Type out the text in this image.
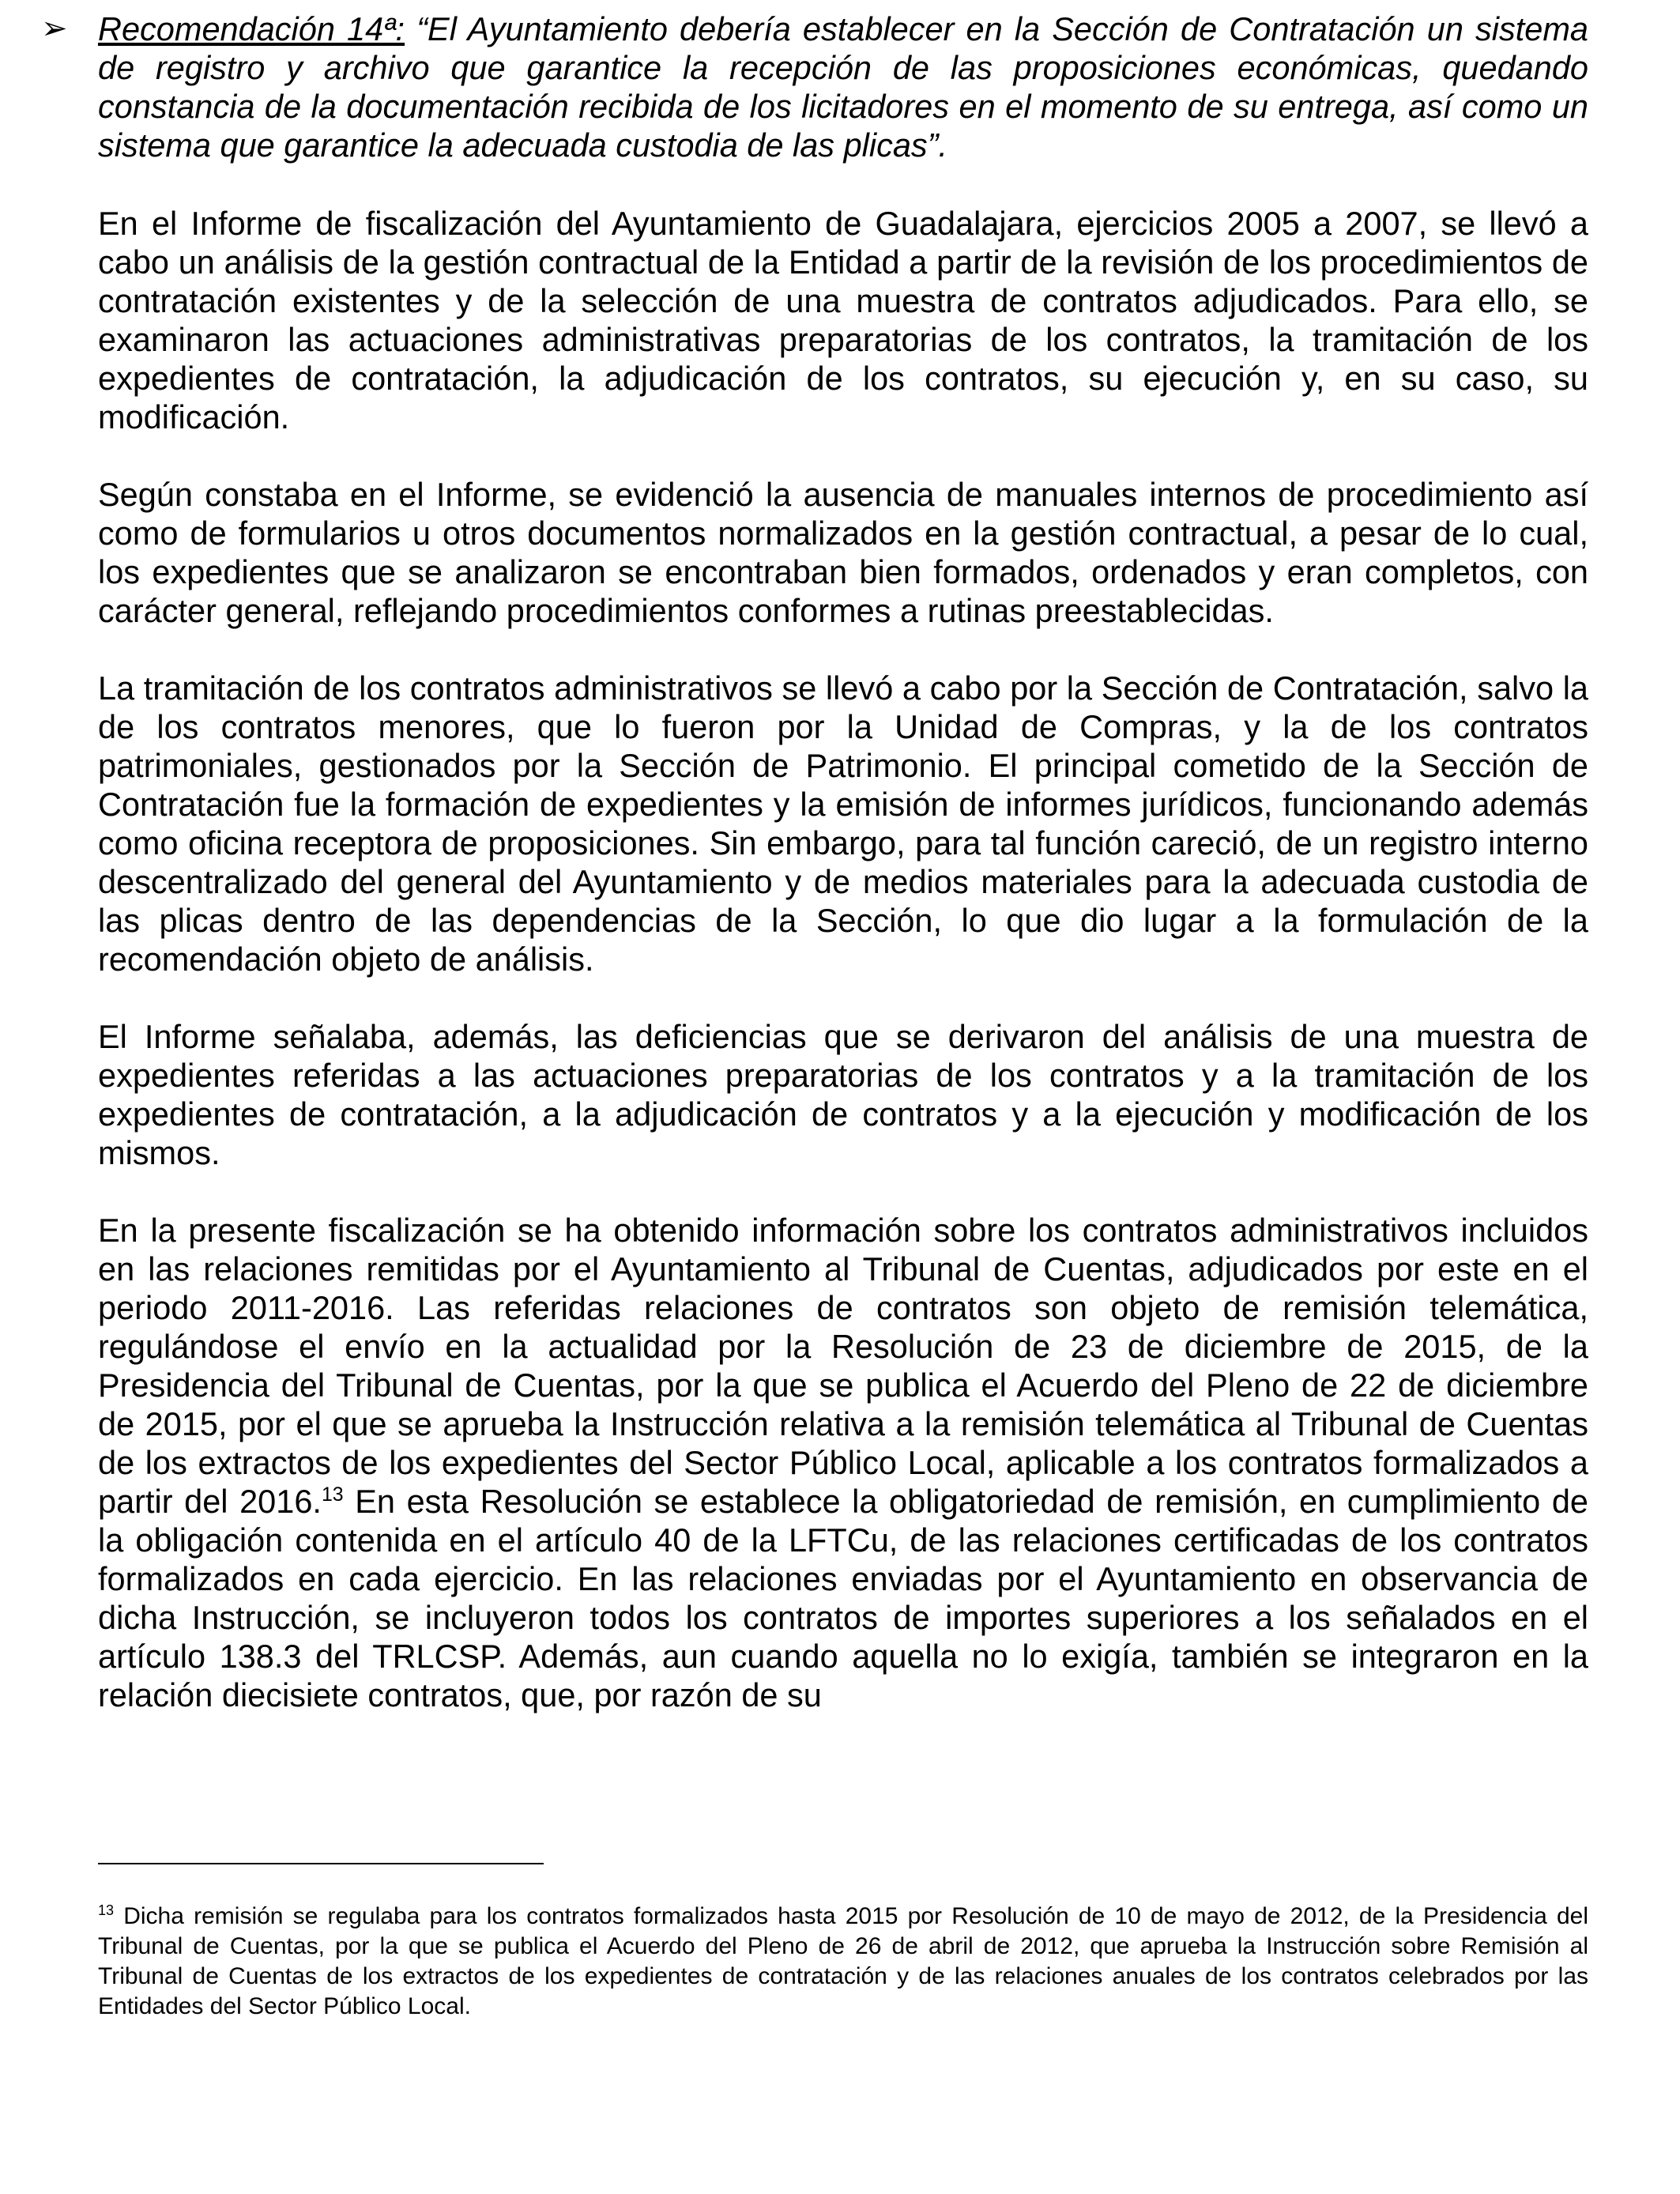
➢ Recomendación 14ª: “El Ayuntamiento debería establecer en la Sección de Contratación un sistema de registro y archivo que garantice la recepción de las proposiciones económicas, quedando constancia de la documentación recibida de los licitadores en el momento de su entrega, así como un sistema que garantice la adecuada custodia de las plicas”.

En el Informe de fiscalización del Ayuntamiento de Guadalajara, ejercicios 2005 a 2007, se llevó a cabo un análisis de la gestión contractual de la Entidad a partir de la revisión de los procedimientos de contratación existentes y de la selección de una muestra de contratos adjudicados. Para ello, se examinaron las actuaciones administrativas preparatorias de los contratos, la tramitación de los expedientes de contratación, la adjudicación de los contratos, su ejecución y, en su caso, su modificación.

Según constaba en el Informe, se evidenció la ausencia de manuales internos de procedimiento así como de formularios u otros documentos normalizados en la gestión contractual, a pesar de lo cual, los expedientes que se analizaron se encontraban bien formados, ordenados y eran completos, con carácter general, reflejando procedimientos conformes a rutinas preestablecidas.

La tramitación de los contratos administrativos se llevó a cabo por la Sección de Contratación, salvo la de los contratos menores, que lo fueron por la Unidad de Compras, y la de los contratos patrimoniales, gestionados por la Sección de Patrimonio. El principal cometido de la Sección de Contratación fue la formación de expedientes y la emisión de informes jurídicos, funcionando además como oficina receptora de proposiciones. Sin embargo, para tal función careció, de un registro interno descentralizado del general del Ayuntamiento y de medios materiales para la adecuada custodia de las plicas dentro de las dependencias de la Sección, lo que dio lugar a la formulación de la recomendación objeto de análisis.

El Informe señalaba, además, las deficiencias que se derivaron del análisis de una muestra de expedientes referidas a las actuaciones preparatorias de los contratos y a la tramitación de los expedientes de contratación, a la adjudicación de contratos y a la ejecución y modificación de los mismos.

En la presente fiscalización se ha obtenido información sobre los contratos administrativos incluidos en las relaciones remitidas por el Ayuntamiento al Tribunal de Cuentas, adjudicados por este en el periodo 2011-2016. Las referidas relaciones de contratos son objeto de remisión telemática, regulándose el envío en la actualidad por la Resolución de 23 de diciembre de 2015, de la Presidencia del Tribunal de Cuentas, por la que se publica el Acuerdo del Pleno de 22 de diciembre de 2015, por el que se aprueba la Instrucción relativa a la remisión telemática al Tribunal de Cuentas de los extractos de los expedientes del Sector Público Local, aplicable a los contratos formalizados a partir del 2016.13 En esta Resolución se establece la obligatoriedad de remisión, en cumplimiento de la obligación contenida en el artículo 40 de la LFTCu, de las relaciones certificadas de los contratos formalizados en cada ejercicio. En las relaciones enviadas por el Ayuntamiento en observancia de dicha Instrucción, se incluyeron todos los contratos de importes superiores a los señalados en el artículo 138.3 del TRLCSP. Además, aun cuando aquella no lo exigía, también se integraron en la relación diecisiete contratos, que, por razón de su

$^{13}$ Dicha remisión se regulaba para los contratos formalizados hasta 2015 por Resolución de 10 de mayo de 2012, de la Presidencia del Tribunal de Cuentas, por la que se publica el Acuerdo del Pleno de 26 de abril de 2012, que aprueba la Instrucción sobre Remisión al Tribunal de Cuentas de los extractos de los expedientes de contratación y de las relaciones anuales de los contratos celebrados por las Entidades del Sector Público Local.
